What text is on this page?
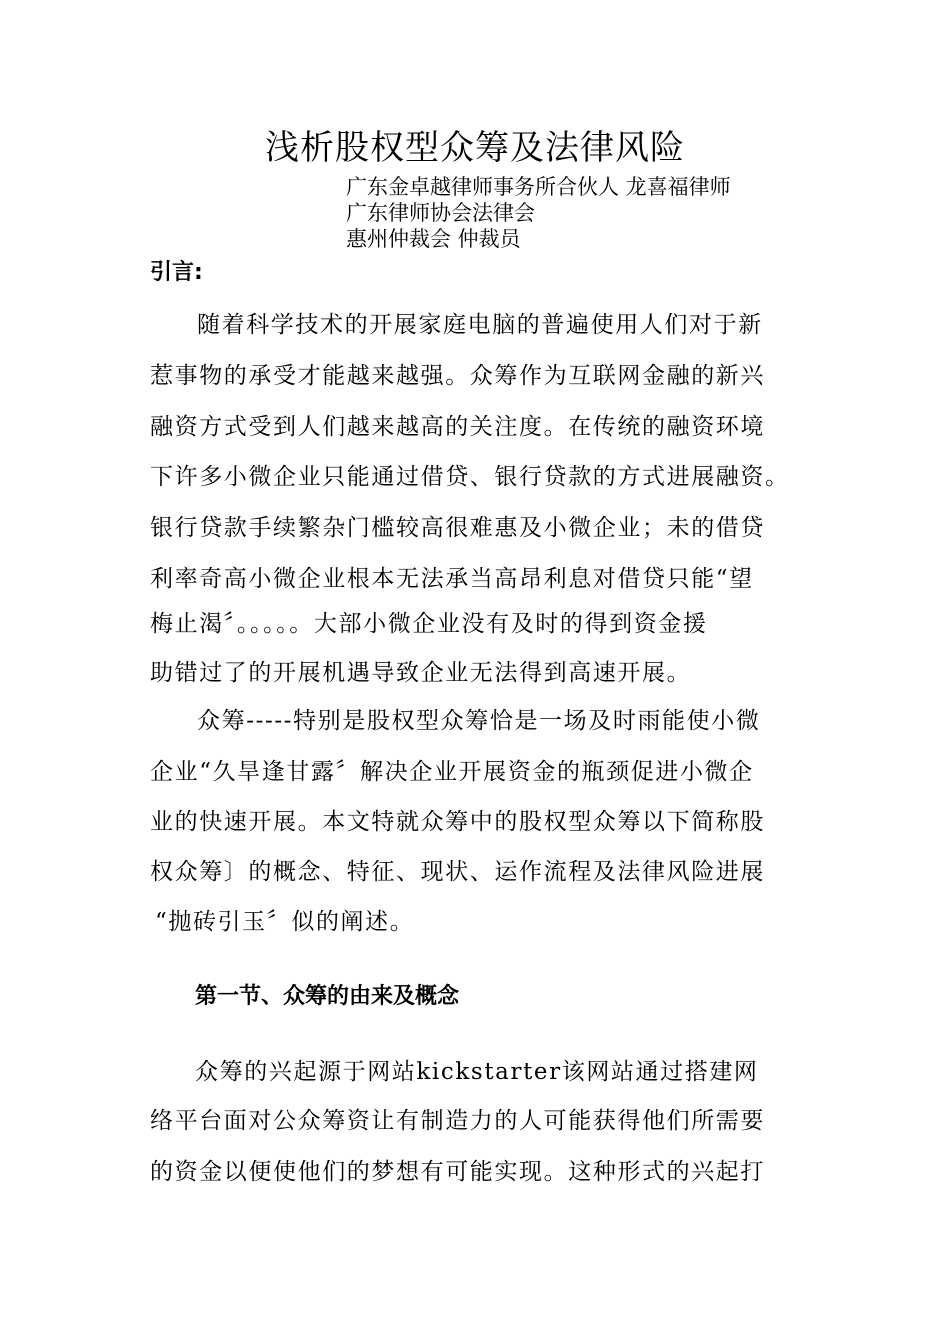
浅析股权型众筹及法律风险
广东金卓越律师事务所合伙人 龙喜福律师
广东律师协会法律会
惠州仲裁会 仲裁员
引言:
随着科学技术的开展家庭电脑的普遍使用人们对于新
惹事物的承受才能越来越强。众筹作为互联网金融的新兴
融资方式受到人们越来越高的关注度。在传统的融资环境
下许多小微企业只能通过借贷、银行贷款的方式进展融资。
银行贷款手续繁杂门槛较高很难惠及小微企业；未的借贷
利率奇高小微企业根本无法承当高昂利息对借贷只能“望
梅止渴〞。。。。。大部小微企业没有及时的得到资金援
助错过了的开展机遇导致企业无法得到高速开展。
众筹-----特别是股权型众筹恰是一场及时雨能使小微
企业“久旱逢甘露〞解决企业开展资金的瓶颈促进小微企
业的快速开展。本文特就众筹中的股权型众筹以下简称股
权众筹〕的概念、特征、现状、运作流程及法律风险进展
“抛砖引玉〞似的阐述。
第一节、众筹的由来及概念
众筹的兴起源于网站kickstarter该网站通过搭建网
络平台面对公众筹资让有制造力的人可能获得他们所需要
的资金以便使他们的梦想有可能实现。这种形式的兴起打
